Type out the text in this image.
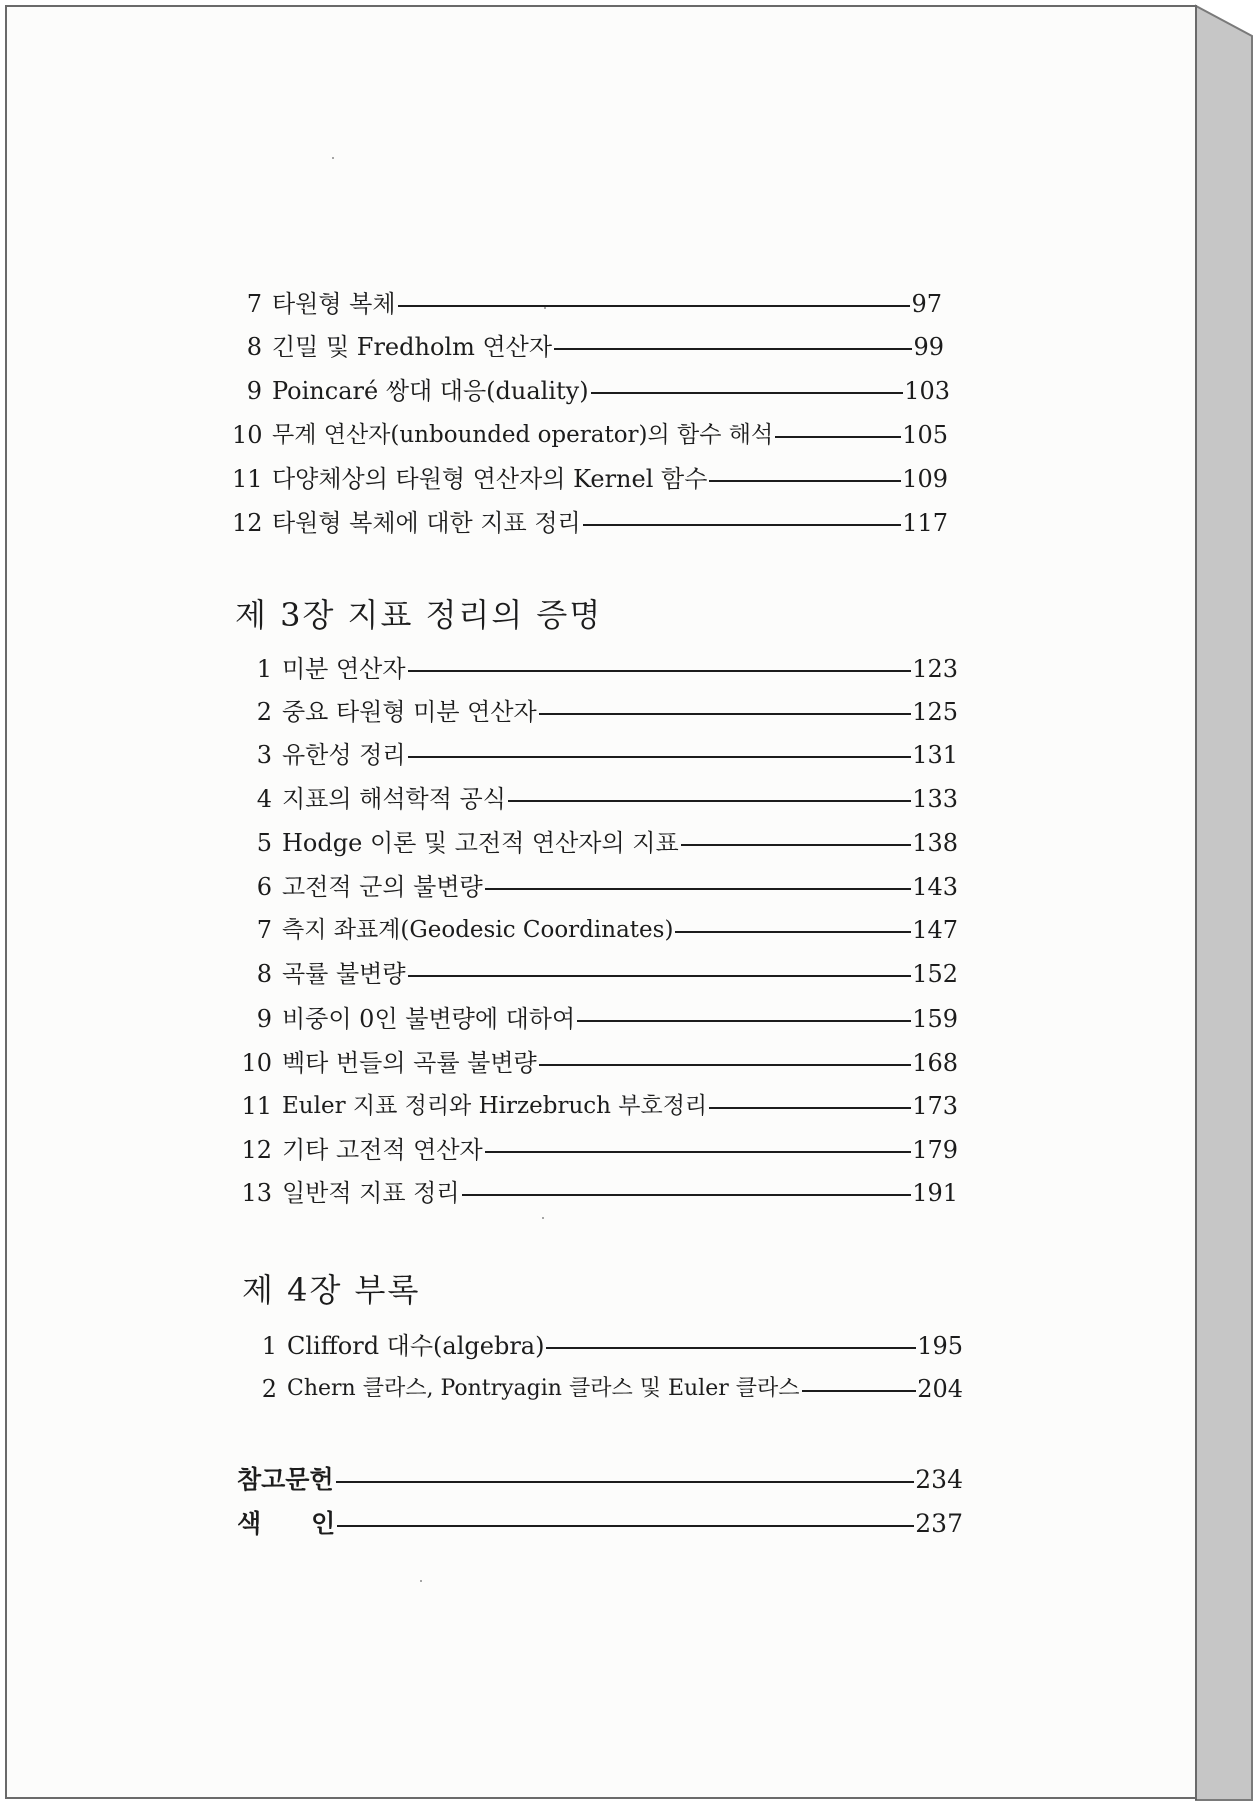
7 타원형 복체	97
8 긴밀 및 Fredholm 연산자	99
9 Poincaré 쌍대 대응(duality)	103
10 무계 연산자(unbounded operator)의 함수 해석	105
11 다양체상의 타원형 연산자의 Kernel 함수	109
12 타원형 복체에 대한 지표 정리	117
제 3장 지표 정리의 증명
1 미분 연산자	123
2 중요 타원형 미분 연산자	125
3 유한성 정리	131
4 지표의 해석학적 공식	133
5 Hodge 이론 및 고전적 연산자의 지표	138
6 고전적 군의 불변량	143
7 측지 좌표계(Geodesic Coordinates)	147
8 곡률 불변량	152
9 비중이 0인 불변량에 대하여	159
10 벡타 번들의 곡률 불변량	168
11 Euler 지표 정리와 Hirzebruch 부호정리	173
12 기타 고전적 연산자	179
13 일반적 지표 정리	191
제 4장 부록
1 Clifford 대수(algebra)	195
2 Chern 클라스, Pontryagin 클라스 및 Euler 클라스	204
참고문헌	234
색　　인	237
